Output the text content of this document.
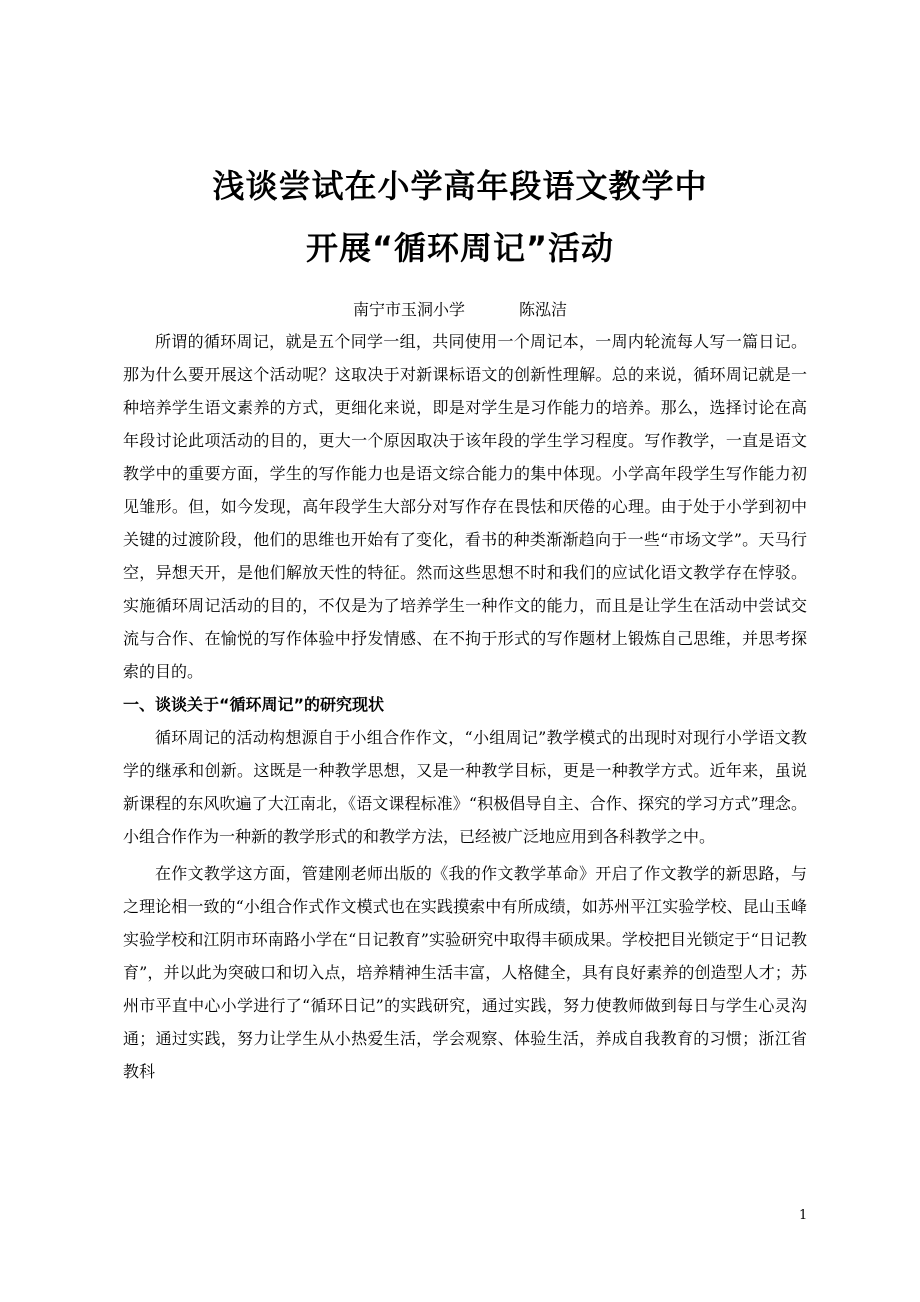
浅谈尝试在小学高年段语文教学中
开展“循环周记”活动
南宁市玉洞小学	陈泓洁

所谓的循环周记，就是五个同学一组，共同使用一个周记本，一周内轮流每人写一篇日记。那为什么要开展这个活动呢？这取决于对新课标语文的创新性理解。总的来说，循环周记就是一种培养学生语文素养的方式，更细化来说，即是对学生是习作能力的培养。那么，选择讨论在高年段讨论此项活动的目的，更大一个原因取决于该年段的学生学习程度。写作教学，一直是语文教学中的重要方面，学生的写作能力也是语文综合能力的集中体现。小学高年段学生写作能力初见雏形。但，如今发现，高年段学生大部分对写作存在畏怯和厌倦的心理。由于处于小学到初中关键的过渡阶段，他们的思维也开始有了变化，看书的种类渐渐趋向于一些“市场文学”。天马行空，异想天开，是他们解放天性的特征。然而这些思想不时和我们的应试化语文教学存在悖驳。实施循环周记活动的目的，不仅是为了培养学生一种作文的能力，而且是让学生在活动中尝试交流与合作、在愉悦的写作体验中抒发情感、在不拘于形式的写作题材上锻炼自己思维，并思考探索的目的。

一、谈谈关于“循环周记”的研究现状

循环周记的活动构想源自于小组合作作文，“小组周记”教学模式的出现时对现行小学语文教学的继承和创新。这既是一种教学思想，又是一种教学目标，更是一种教学方式。近年来，虽说新课程的东风吹遍了大江南北，《语文课程标准》“积极倡导自主、合作、探究的学习方式”理念。小组合作作为一种新的教学形式的和教学方法，已经被广泛地应用到各科教学之中。

在作文教学这方面，管建刚老师出版的《我的作文教学革命》开启了作文教学的新思路，与之理论相一致的“小组合作式作文模式也在实践摸索中有所成绩，如苏州平江实验学校、昆山玉峰实验学校和江阴市环南路小学在“日记教育”实验研究中取得丰硕成果。学校把目光锁定于“日记教育”，并以此为突破口和切入点，培养精神生活丰富，人格健全，具有良好素养的创造型人才；苏州市平直中心小学进行了“循环日记”的实践研究，通过实践，努力使教师做到每日与学生心灵沟通；通过实践，努力让学生从小热爱生活，学会观察、体验生活，养成自我教育的习惯；浙江省教科

1
